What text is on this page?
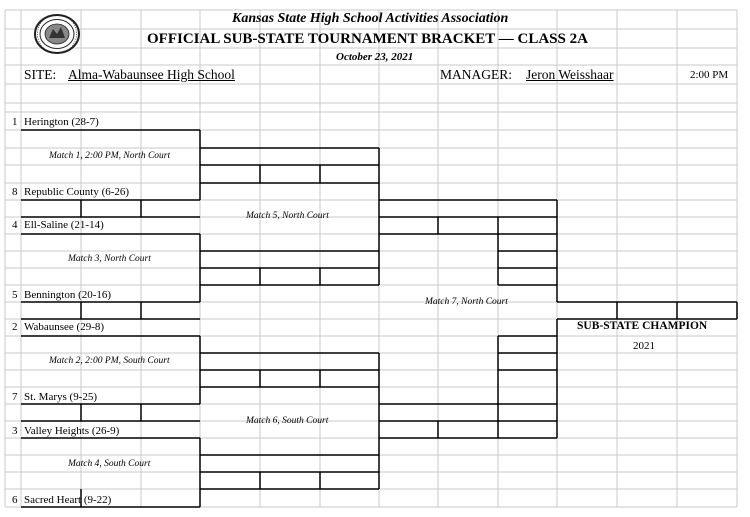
Kansas State High School Activities Association
OFFICIAL SUB-STATE TOURNAMENT BRACKET — CLASS 2A
October 23, 2021
SITE: Alma-Wabaunsee High School	MANAGER: Jeron Weisshaar	2:00 PM
1 Herington (28-7)
8 Republic County (6-26)
4 Ell-Saline (21-14)
5 Bennington (20-16)
2 Wabaunsee (29-8)
7 St. Marys (9-25)
3 Valley Heights (26-9)
6 Sacred Heart (9-22)
Match 1, 2:00 PM, North Court
Match 3, North Court
Match 2, 2:00 PM, South Court
Match 4, South Court
Match 5, North Court
Match 6, South Court
Match 7, North Court
SUB-STATE CHAMPION
2021
